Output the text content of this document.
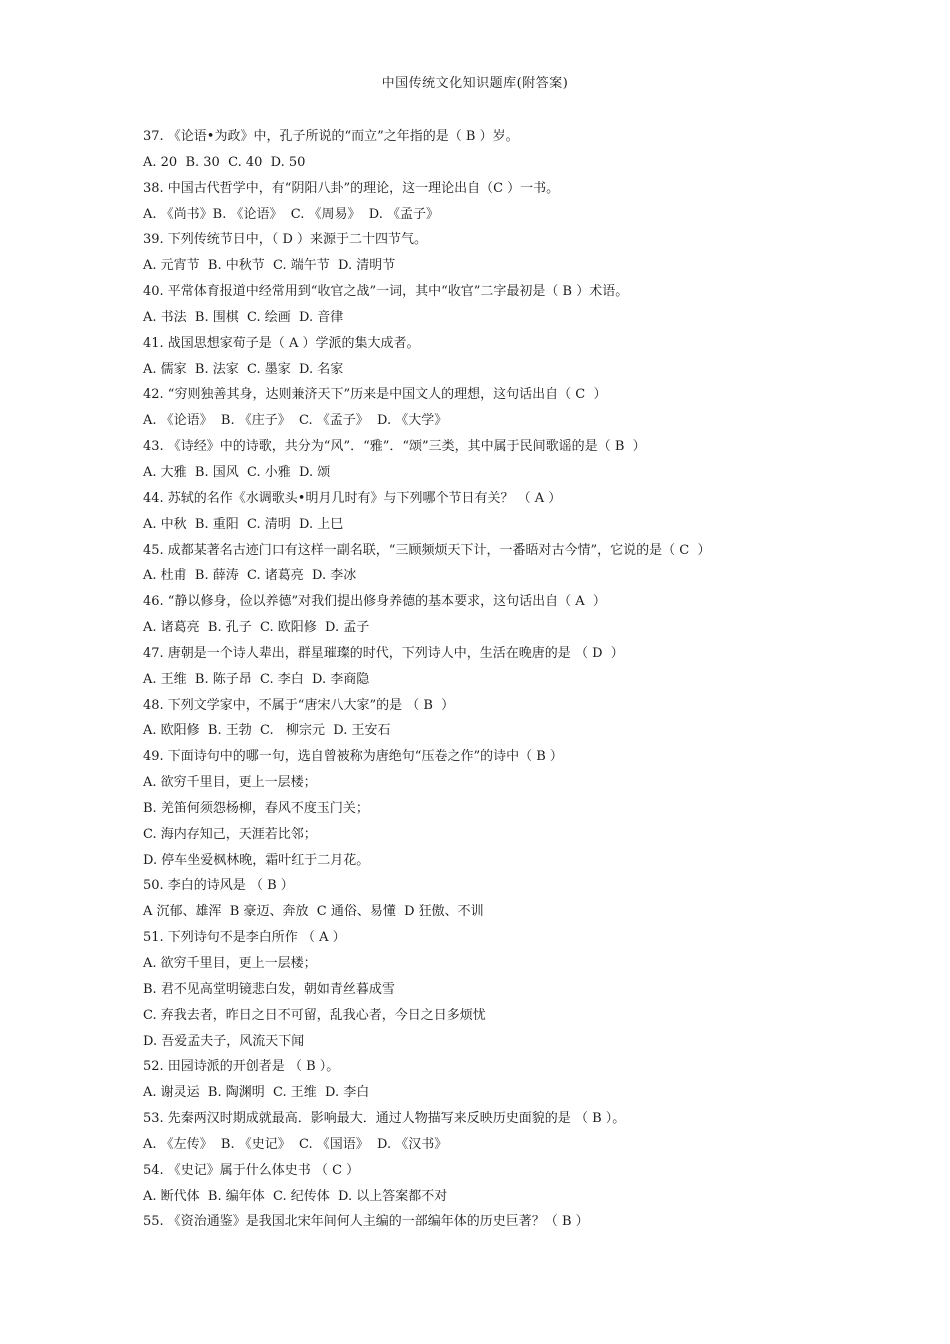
中国传统文化知识题库(附答案)
37. 《论语•为政》中，孔子所说的“而立”之年指的是（ B ）岁。
A. 20  B. 30  C. 40  D. 50
38. 中国古代哲学中，有“阴阳八卦”的理论，这一理论出自（C ）一书。
A. 《尚书》B. 《论语》  C. 《周易》  D. 《孟子》
39. 下列传统节日中，（ D ）来源于二十四节气。
A. 元宵节  B. 中秋节  C. 端午节  D. 清明节
40. 平常体育报道中经常用到“收官之战”一词，其中“收官”二字最初是（ B ）术语。
A. 书法  B. 围棋  C. 绘画  D. 音律
41. 战国思想家荀子是（ A ）学派的集大成者。
A. 儒家  B. 法家  C. 墨家  D. 名家
42. “穷则独善其身，达则兼济天下”历来是中国文人的理想，这句话出自（ C  ）
A. 《论语》  B. 《庄子》  C. 《孟子》  D. 《大学》
43. 《诗经》中的诗歌，共分为“风”．“雅”．“颂”三类，其中属于民间歌谣的是（ B  ）
A. 大雅  B. 国风  C. 小雅  D. 颂
44. 苏轼的名作《水调歌头•明月几时有》与下列哪个节日有关？ （ A ）
A. 中秋  B. 重阳  C. 清明  D. 上巳
45. 成都某著名古迹门口有这样一副名联，“三顾频烦天下计，一番晤对古今情”，它说的是（ C  ）
A. 杜甫  B. 薛涛  C. 诸葛亮  D. 李冰
46. “静以修身，俭以养德”对我们提出修身养德的基本要求，这句话出自（ A  ）
A. 诸葛亮  B. 孔子  C. 欧阳修  D. 孟子
47. 唐朝是一个诗人辈出，群星璀璨的时代，下列诗人中，生活在晚唐的是 （ D  ）
A. 王维  B. 陈子昂  C. 李白  D. 李商隐
48. 下列文学家中，不属于“唐宋八大家”的是 （ B  ）
A. 欧阳修  B. 王勃  C.   柳宗元  D. 王安石
49. 下面诗句中的哪一句，选自曾被称为唐绝句“压卷之作”的诗中（ B ）
A. 欲穷千里目，更上一层楼；
B. 羌笛何须怨杨柳，春风不度玉门关；
C. 海内存知己，天涯若比邻；
D. 停车坐爱枫林晚，霜叶红于二月花。
50. 李白的诗风是 （ B ）
A 沉郁、雄浑  B 豪迈、奔放  C 通俗、易懂  D 狂傲、不训
51. 下列诗句不是李白所作 （ A ）
A. 欲穷千里目，更上一层楼；
B. 君不见高堂明镜悲白发，朝如青丝暮成雪
C. 弃我去者，昨日之日不可留，乱我心者，今日之日多烦忧
D. 吾爱孟夫子，风流天下闻
52. 田园诗派的开创者是 （ B ）。
A. 谢灵运  B. 陶渊明  C. 王维  D. 李白
53. 先秦两汉时期成就最高．影响最大．通过人物描写来反映历史面貌的是 （ B ）。
A. 《左传》  B. 《史记》  C. 《国语》  D. 《汉书》
54. 《史记》属于什么体史书 （ C ）
A. 断代体  B. 编年体  C. 纪传体  D. 以上答案都不对
55. 《资治通鉴》是我国北宋年间何人主编的一部编年体的历史巨著？（ B ）
